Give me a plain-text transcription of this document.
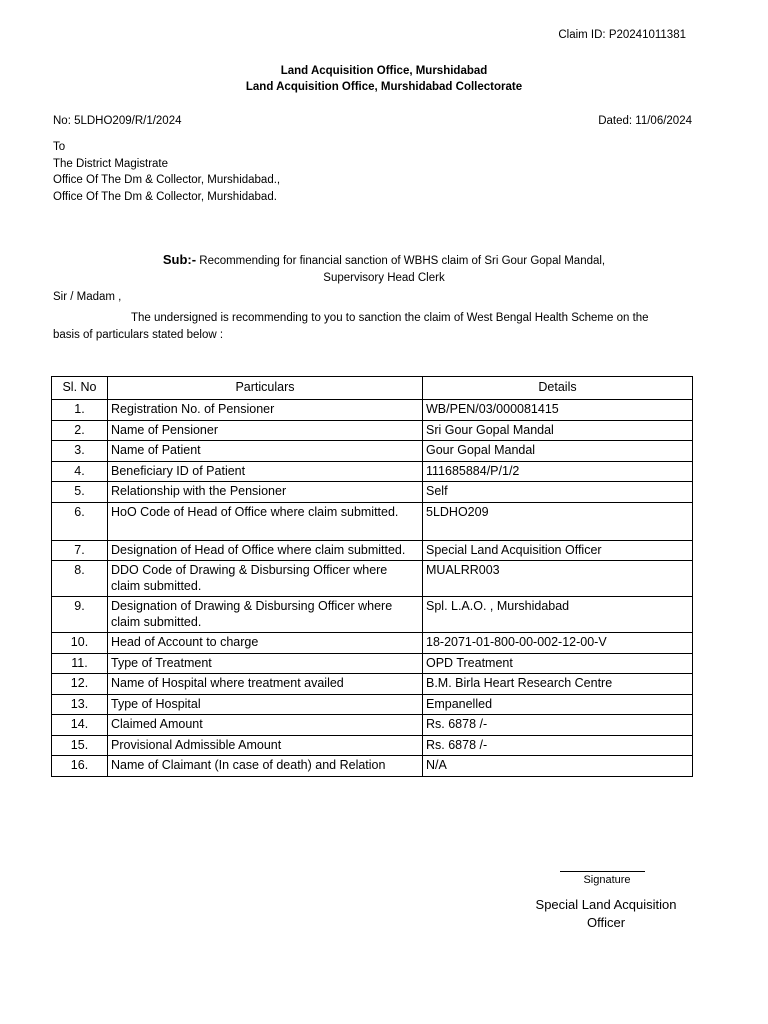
Claim ID: P20241011381
Land Acquisition Office, Murshidabad
Land Acquisition Office, Murshidabad Collectorate
No: 5LDHO209/R/1/2024	Dated: 11/06/2024
To
The District Magistrate
Office Of The Dm & Collector, Murshidabad.,
Office Of The Dm & Collector, Murshidabad.
Sub:- Recommending for financial sanction of WBHS claim of Sri Gour Gopal Mandal,
Supervisory Head Clerk
Sir / Madam ,
The undersigned is recommending to you to sanction the claim of West Bengal Health Scheme on the
basis of particulars stated below :
Sl. No	Particulars	Details
1.	Registration No. of Pensioner	WB/PEN/03/000081415
2.	Name of Pensioner	Sri Gour Gopal Mandal
3.	Name of Patient	Gour Gopal Mandal
4.	Beneficiary ID of Patient	111685884/P/1/2
5.	Relationship with the Pensioner	Self
6.	HoO Code of Head of Office where claim submitted.	5LDHO209
7.	Designation of Head of Office where claim submitted.	Special Land Acquisition Officer
8.	DDO Code of Drawing & Disbursing Officer where claim submitted.	MUALRR003
9.	Designation of Drawing & Disbursing Officer where claim submitted.	Spl. L.A.O. , Murshidabad
10.	Head of Account to charge	18-2071-01-800-00-002-12-00-V
11.	Type of Treatment	OPD Treatment
12.	Name of Hospital where treatment availed	B.M. Birla Heart Research Centre
13.	Type of Hospital	Empanelled
14.	Claimed Amount	Rs. 6878 /-
15.	Provisional Admissible Amount	Rs. 6878 /-
16.	Name of Claimant (In case of death) and Relation	N/A
Signature
Special Land Acquisition
Officer
